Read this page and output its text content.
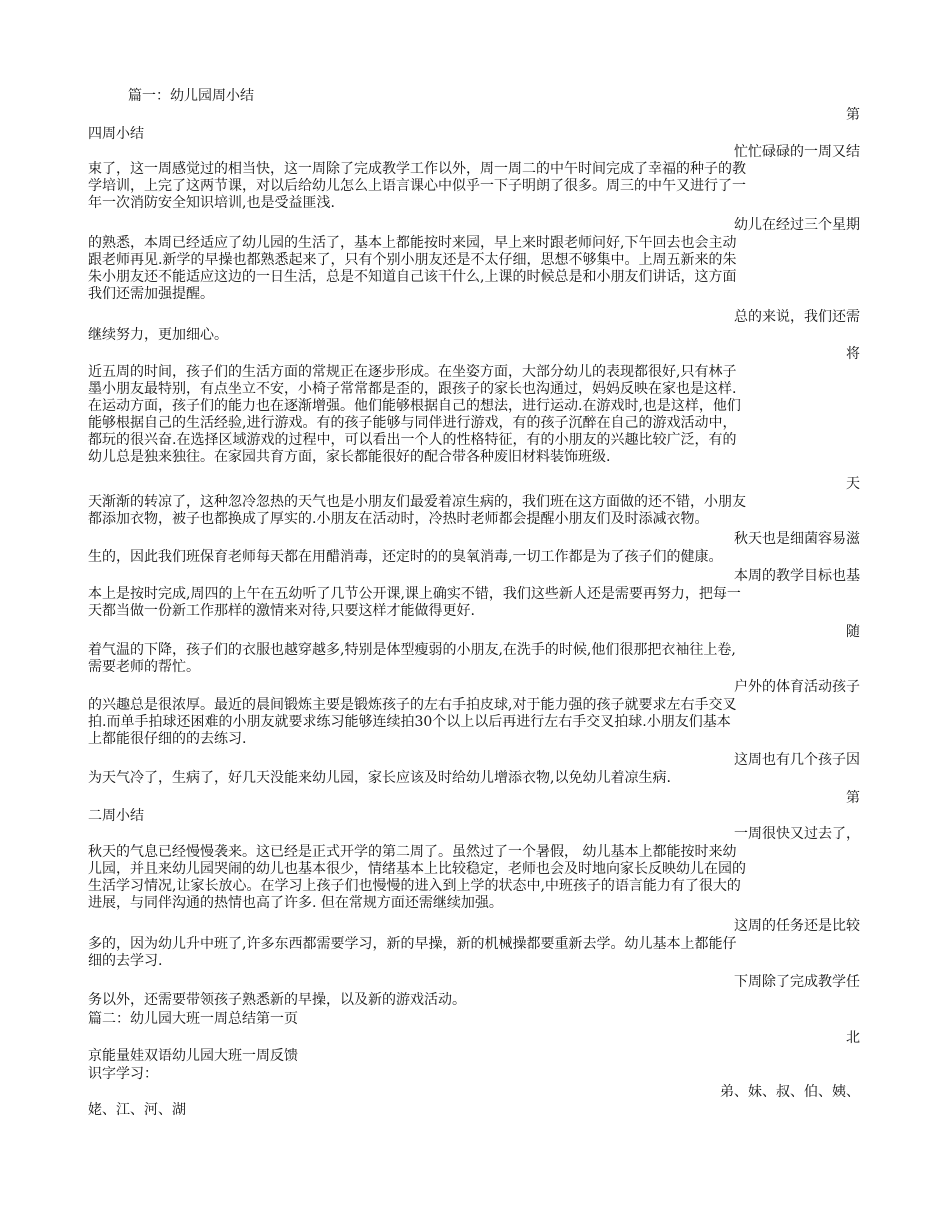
篇一：幼儿园周小结
第
四周小结
忙忙碌碌的一周又结
束了，这一周感觉过的相当快，这一周除了完成教学工作以外，周一周二的中午时间完成了幸福的种子的教
学培训，上完了这两节课，对以后给幼儿怎么上语言课心中似乎一下子明朗了很多。周三的中午又进行了一
年一次消防安全知识培训,也是受益匪浅.
幼儿在经过三个星期
的熟悉，本周已经适应了幼儿园的生活了，基本上都能按时来园，早上来时跟老师问好,下午回去也会主动
跟老师再见.新学的早操也都熟悉起来了，只有个别小朋友还是不太仔细，思想不够集中。上周五新来的朱
朱小朋友还不能适应这边的一日生活，总是不知道自己该干什么,上课的时候总是和小朋友们讲话，这方面
我们还需加强提醒。
总的来说，我们还需
继续努力，更加细心。
将
近五周的时间，孩子们的生活方面的常规正在逐步形成。在坐姿方面，大部分幼儿的表现都很好,只有林子
墨小朋友最特别，有点坐立不安，小椅子常常都是歪的，跟孩子的家长也沟通过，妈妈反映在家也是这样.
在运动方面，孩子们的能力也在逐渐增强。他们能够根据自己的想法，进行运动.在游戏时,也是这样，他们
能够根据自己的生活经验,进行游戏。有的孩子能够与同伴进行游戏，有的孩子沉醉在自己的游戏活动中，
都玩的很兴奋.在选择区域游戏的过程中，可以看出一个人的性格特征，有的小朋友的兴趣比较广泛，有的
幼儿总是独来独往。在家园共育方面，家长都能很好的配合带各种废旧材料装饰班级.
天
天渐渐的转凉了，这种忽冷忽热的天气也是小朋友们最爱着凉生病的，我们班在这方面做的还不错，小朋友
都添加衣物，被子也都换成了厚实的.小朋友在活动时，冷热时老师都会提醒小朋友们及时添减衣物。
秋天也是细菌容易滋
生的，因此我们班保育老师每天都在用醋消毒，还定时的的臭氧消毒,一切工作都是为了孩子们的健康。
本周的教学目标也基
本上是按时完成,周四的上午在五幼听了几节公开课,课上确实不错，我们这些新人还是需要再努力，把每一
天都当做一份新工作那样的激情来对待,只要这样才能做得更好.
随
着气温的下降，孩子们的衣服也越穿越多,特别是体型瘦弱的小朋友,在洗手的时候,他们很那把衣袖往上卷,
需要老师的帮忙。
户外的体育活动孩子
的兴趣总是很浓厚。最近的晨间锻炼主要是锻炼孩子的左右手拍皮球,对于能力强的孩子就要求左右手交叉
拍.而单手拍球还困难的小朋友就要求练习能够连续拍30个以上以后再进行左右手交叉拍球.小朋友们基本
上都能很仔细的的去练习.
这周也有几个孩子因
为天气冷了，生病了，好几天没能来幼儿园，家长应该及时给幼儿增添衣物,以免幼儿着凉生病.
第
二周小结
一周很快又过去了，
秋天的气息已经慢慢袭来。这已经是正式开学的第二周了。虽然过了一个暑假， 幼儿基本上都能按时来幼
儿园，并且来幼儿园哭闹的幼儿也基本很少，情绪基本上比较稳定，老师也会及时地向家长反映幼儿在园的
生活学习情况,让家长放心。在学习上孩子们也慢慢的进入到上学的状态中,中班孩子的语言能力有了很大的
进展，与同伴沟通的热情也高了许多. 但在常规方面还需继续加强。
这周的任务还是比较
多的，因为幼儿升中班了,许多东西都需要学习，新的早操，新的机械操都要重新去学。幼儿基本上都能仔
细的去学习.
下周除了完成教学任
务以外，还需要带领孩子熟悉新的早操，以及新的游戏活动。
篇二：幼儿园大班一周总结第一页
北
京能量娃双语幼儿园大班一周反馈
识字学习：
弟、妹、叔、伯、姨、
姥、江、河、湖
